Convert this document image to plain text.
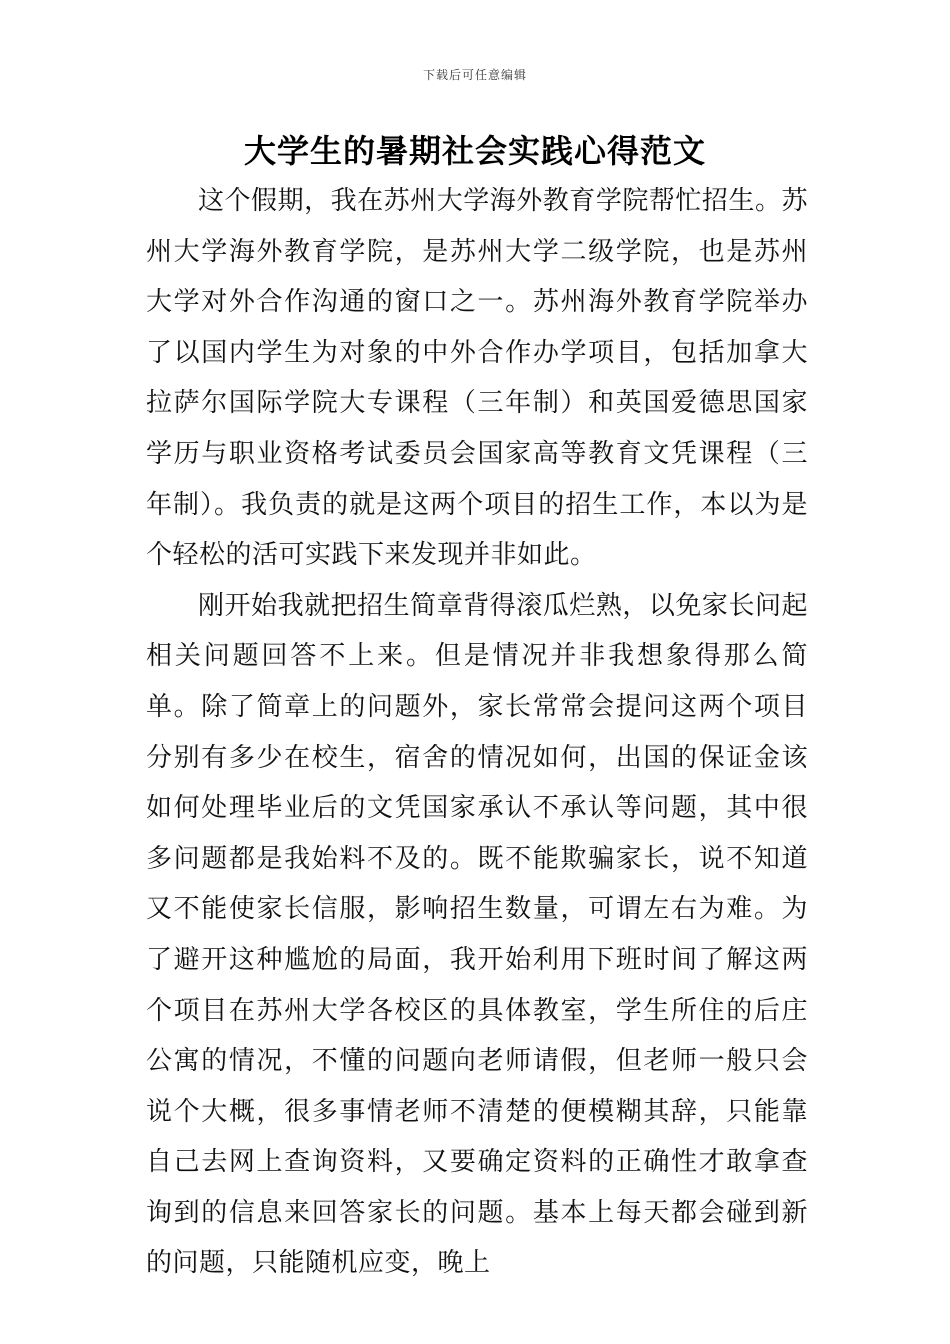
下载后可任意编辑
大学生的暑期社会实践心得范文

这个假期，我在苏州大学海外教育学院帮忙招生。苏州大学海外教育学院，是苏州大学二级学院，也是苏州大学对外合作沟通的窗口之一。苏州海外教育学院举办了以国内学生为对象的中外合作办学项目，包括加拿大拉萨尔国际学院大专课程（三年制）和英国爱德思国家学历与职业资格考试委员会国家高等教育文凭课程（三年制）。我负责的就是这两个项目的招生工作，本以为是个轻松的活可实践下来发现并非如此。

刚开始我就把招生简章背得滚瓜烂熟，以免家长问起相关问题回答不上来。但是情况并非我想象得那么简单。除了简章上的问题外，家长常常会提问这两个项目分别有多少在校生，宿舍的情况如何，出国的保证金该如何处理毕业后的文凭国家承认不承认等问题，其中很多问题都是我始料不及的。既不能欺骗家长，说不知道又不能使家长信服，影响招生数量，可谓左右为难。为了避开这种尴尬的局面，我开始利用下班时间了解这两个项目在苏州大学各校区的具体教室，学生所住的后庄公寓的情况，不懂的问题向老师请假，但老师一般只会说个大概，很多事情老师不清楚的便模糊其辞，只能靠自己去网上查询资料，又要确定资料的正确性才敢拿查询到的信息来回答家长的问题。基本上每天都会碰到新的问题，只能随机应变，晚上
